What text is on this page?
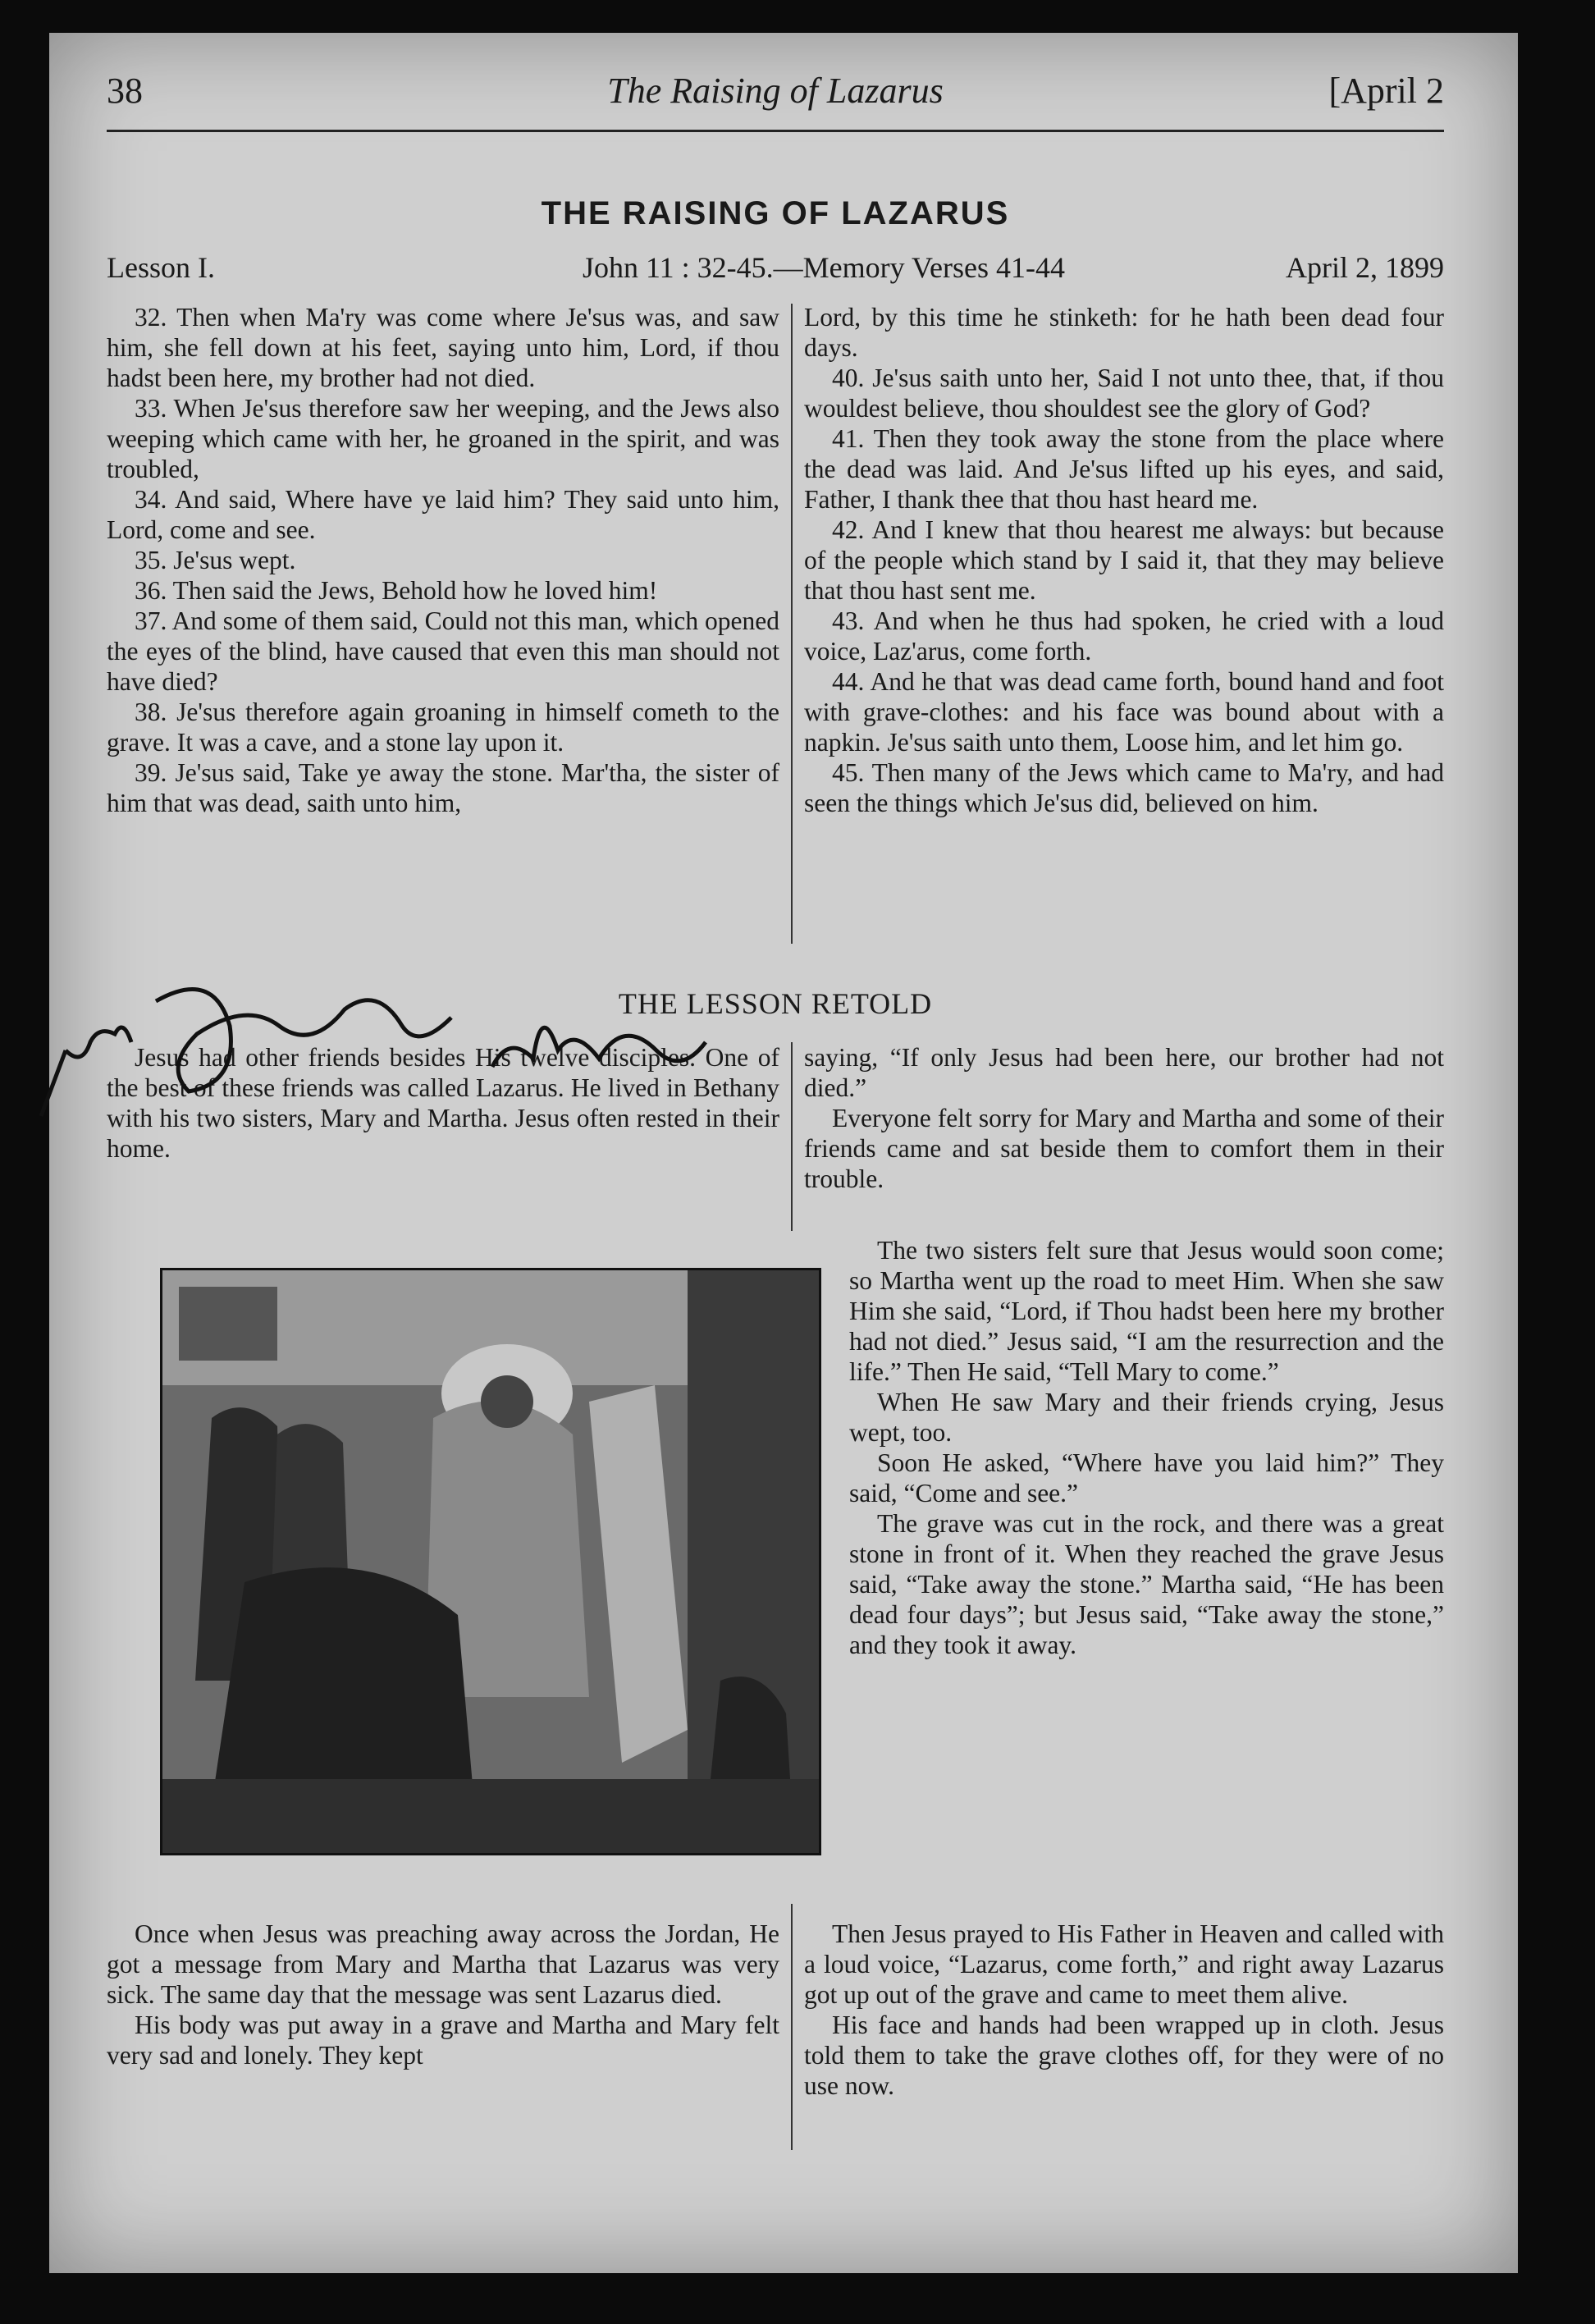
38	The Raising of Lazarus	[April 2
THE RAISING OF LAZARUS
Lesson I.	John 11 : 32-45.—Memory Verses 41-44	April 2, 1899

32. Then when Ma'ry was come where Je'sus was, and saw him, she fell down at his feet, saying unto him, Lord, if thou hadst been here, my brother had not died.

33. When Je'sus therefore saw her weeping, and the Jews also weeping which came with her, he groaned in the spirit, and was troubled,

34. And said, Where have ye laid him? They said unto him, Lord, come and see.

35. Je'sus wept.

36. Then said the Jews, Behold how he loved him!

37. And some of them said, Could not this man, which opened the eyes of the blind, have caused that even this man should not have died?

38. Je'sus therefore again groaning in himself cometh to the grave. It was a cave, and a stone lay upon it.

39. Je'sus said, Take ye away the stone. Mar'tha, the sister of him that was dead, saith unto him,

Lord, by this time he stinketh: for he hath been dead four days.

40. Je'sus saith unto her, Said I not unto thee, that, if thou wouldest believe, thou shouldest see the glory of God?

41. Then they took away the stone from the place where the dead was laid. And Je'sus lifted up his eyes, and said, Father, I thank thee that thou hast heard me.

42. And I knew that thou hearest me always: but because of the people which stand by I said it, that they may believe that thou hast sent me.

43. And when he thus had spoken, he cried with a loud voice, Laz'arus, come forth.

44. And he that was dead came forth, bound hand and foot with grave-clothes: and his face was bound about with a napkin. Je'sus saith unto them, Loose him, and let him go.

45. Then many of the Jews which came to Ma'ry, and had seen the things which Je'sus did, believed on him.

THE LESSON RETOLD

Jesus had other friends besides His twelve disciples. One of the best of these friends was called Lazarus. He lived in Bethany with his two sisters, Mary and Martha. Jesus often rested in their home.

saying, “If only Jesus had been here, our brother had not died.”

Everyone felt sorry for Mary and Martha and some of their friends came and sat beside them to comfort them in their trouble.

The two sisters felt sure that Jesus would soon come; so Martha went up the road to meet Him. When she saw Him she said, “Lord, if Thou hadst been here my brother had not died.” Jesus said, “I am the resurrection and the life.” Then He said, “Tell Mary to come.”

When He saw Mary and their friends crying, Jesus wept, too.

Soon He asked, “Where have you laid him?” They said, “Come and see.”

The grave was cut in the rock, and there was a great stone in front of it. When they reached the grave Jesus said, “Take away the stone.” Martha said, “He has been dead four days”; but Jesus said, “Take away the stone,” and they took it away.

Once when Jesus was preaching away across the Jordan, He got a message from Mary and Martha that Lazarus was very sick. The same day that the message was sent Lazarus died.

His body was put away in a grave and Martha and Mary felt very sad and lonely. They kept

Then Jesus prayed to His Father in Heaven and called with a loud voice, “Lazarus, come forth,” and right away Lazarus got up out of the grave and came to meet them alive.

His face and hands had been wrapped up in cloth. Jesus told them to take the grave clothes off, for they were of no use now.
